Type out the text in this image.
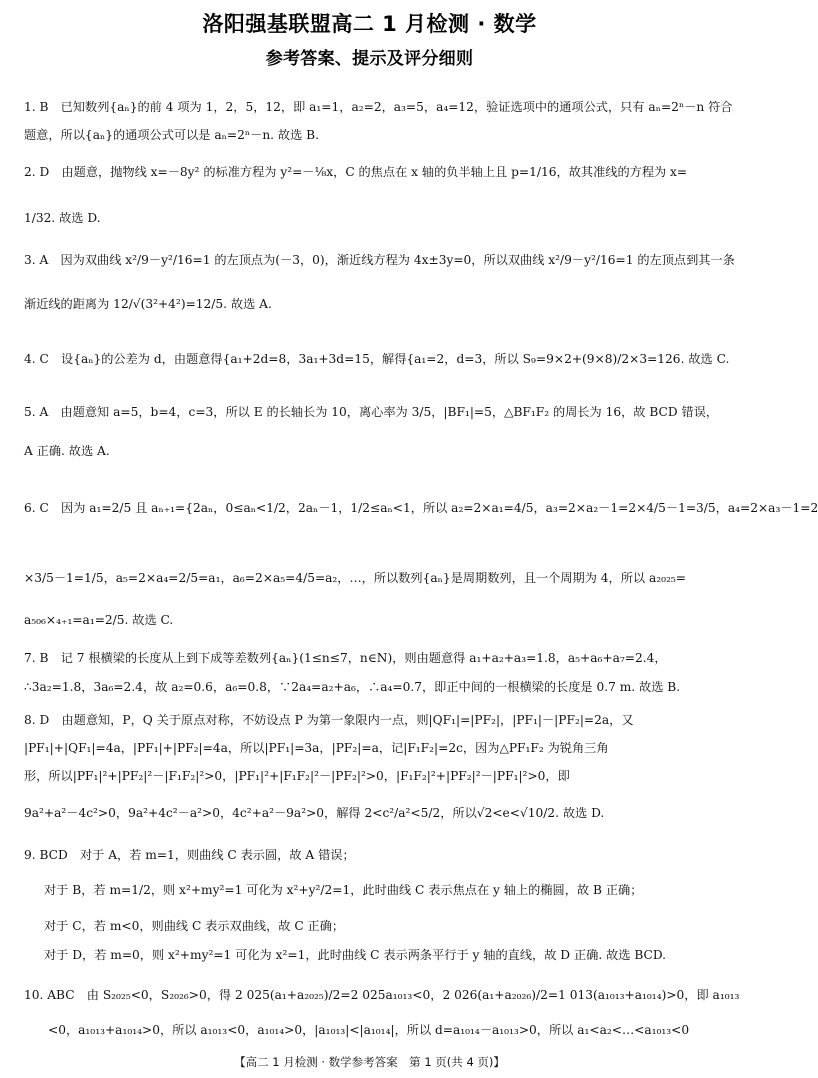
洛阳强基联盟高二 1 月检测 · 数学
参考答案、提示及评分细则
1. B　已知数列{aₙ}的前 4 项为 1，2，5，12，即 a₁=1，a₂=2，a₃=5，a₄=12，验证选项中的通项公式，只有 aₙ=2ⁿ－n 符合
题意，所以{aₙ}的通项公式可以是 aₙ=2ⁿ－n. 故选 B.
2. D　由题意，抛物线 x=－8y² 的标准方程为 y²=－⅛x，C 的焦点在 x 轴的负半轴上且 p=1/16，故其准线的方程为 x=
1/32. 故选 D.
3. A　因为双曲线 x²/9－y²/16=1 的左顶点为(－3，0)，渐近线方程为 4x±3y=0，所以双曲线 x²/9－y²/16=1 的左顶点到其一条
渐近线的距离为 12/√(3²+4²)=12/5. 故选 A.
4. C　设{aₙ}的公差为 d，由题意得{a₁+2d=8，3a₁+3d=15，解得{a₁=2，d=3，所以 S₉=9×2+(9×8)/2×3=126. 故选 C.
5. A　由题意知 a=5，b=4，c=3，所以 E 的长轴长为 10，离心率为 3/5，|BF₁|=5，△BF₁F₂ 的周长为 16，故 BCD 错误，
A 正确. 故选 A.
6. C　因为 a₁=2/5 且 aₙ₊₁={2aₙ，0≤aₙ<1/2，2aₙ－1，1/2≤aₙ<1，所以 a₂=2×a₁=4/5，a₃=2×a₂－1=2×4/5－1=3/5，a₄=2×a₃－1=2
×3/5－1=1/5，a₅=2×a₄=2/5=a₁，a₆=2×a₅=4/5=a₂，…，所以数列{aₙ}是周期数列，且一个周期为 4，所以 a₂₀₂₅=
a₅₀₆×₄₊₁=a₁=2/5. 故选 C.
7. B　记 7 根横梁的长度从上到下成等差数列{aₙ}(1≤n≤7，n∈N)，则由题意得 a₁+a₂+a₃=1.8，a₅+a₆+a₇=2.4，
∴3a₂=1.8，3a₆=2.4，故 a₂=0.6，a₆=0.8，∵2a₄=a₂+a₆，∴a₄=0.7，即正中间的一根横梁的长度是 0.7 m. 故选 B.
8. D　由题意知，P，Q 关于原点对称，不妨设点 P 为第一象限内一点，则|QF₁|=|PF₂|，|PF₁|－|PF₂|=2a，又
|PF₁|+|QF₁|=4a，|PF₁|+|PF₂|=4a，所以|PF₁|=3a，|PF₂|=a，记|F₁F₂|=2c，因为△PF₁F₂ 为锐角三角
形，所以|PF₁|²+|PF₂|²－|F₁F₂|²>0，|PF₁|²+|F₁F₂|²－|PF₂|²>0，|F₁F₂|²+|PF₂|²－|PF₁|²>0，即
9a²+a²－4c²>0，9a²+4c²－a²>0，4c²+a²－9a²>0，解得 2<c²/a²<5/2，所以√2<e<√10/2. 故选 D.
9. BCD　对于 A，若 m=1，则曲线 C 表示圆，故 A 错误；
对于 B，若 m=1/2，则 x²+my²=1 可化为 x²+y²/2=1，此时曲线 C 表示焦点在 y 轴上的椭圆，故 B 正确；
对于 C，若 m<0，则曲线 C 表示双曲线，故 C 正确；
对于 D，若 m=0，则 x²+my²=1 可化为 x²=1，此时曲线 C 表示两条平行于 y 轴的直线，故 D 正确. 故选 BCD.
10. ABC　由 S₂₀₂₅<0，S₂₀₂₆>0，得 2 025(a₁+a₂₀₂₅)/2=2 025a₁₀₁₃<0，2 026(a₁+a₂₀₂₆)/2=1 013(a₁₀₁₃+a₁₀₁₄)>0，即 a₁₀₁₃
<0，a₁₀₁₃+a₁₀₁₄>0，所以 a₁₀₁₃<0，a₁₀₁₄>0，|a₁₀₁₃|<|a₁₀₁₄|，所以 d=a₁₀₁₄－a₁₀₁₃>0，所以 a₁<a₂<…<a₁₀₁₃<0
【高二 1 月检测 · 数学参考答案　第 1 页(共 4 页)】
